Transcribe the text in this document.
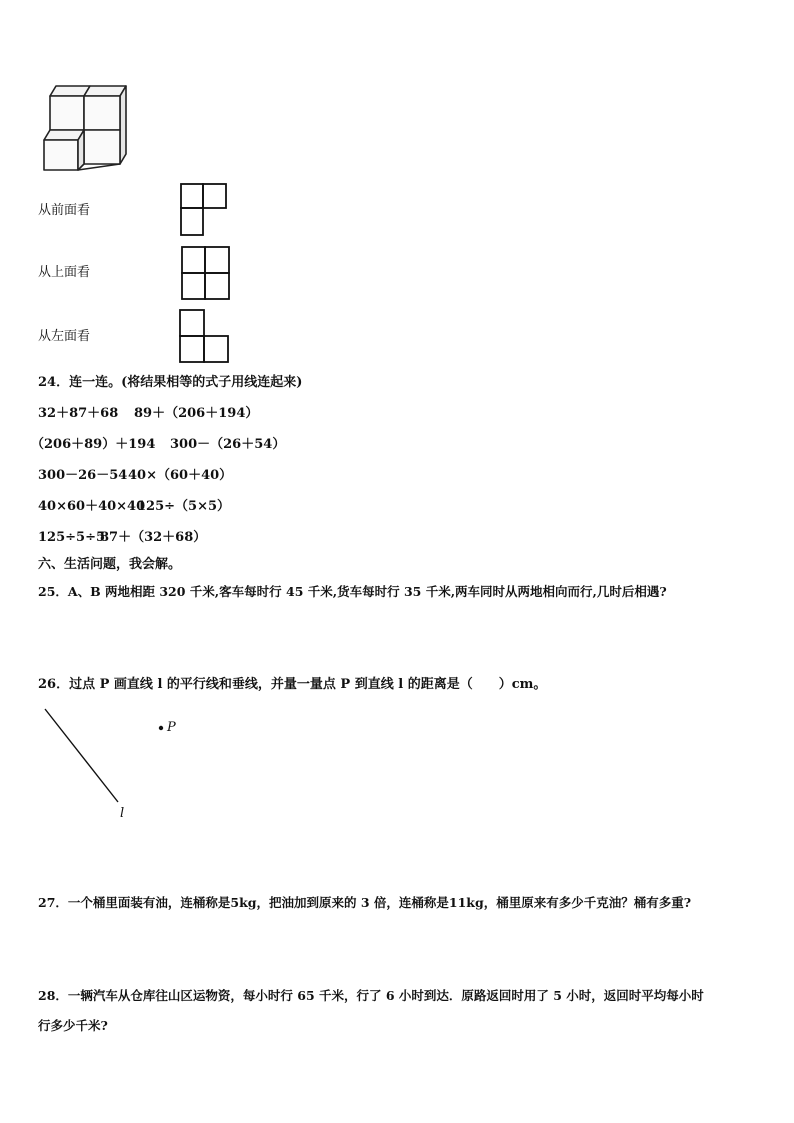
从前面看
从上面看
从左面看
24．连一连。(将结果相等的式子用线连起来)
32＋87＋68 89＋（206＋194）
（206＋89）＋194 300－（26＋54）
300－26－54 40×（60＋40）
40×60＋40×40
125÷（5×5）
125÷5÷5
87＋（32＋68）
六、生活问题，我会解。
25．A、B 两地相距 320 千米,客车每时行 45 千米,货车每时行 35 千米,两车同时从两地相向而行,几时后相遇?
26．过点 P 画直线 l 的平行线和垂线，并量一量点 P 到直线 l 的距离是（　　）cm。
P
l
27．一个桶里面装有油，连桶称是5kg，把油加到原来的 3 倍，连桶称是11kg，桶里原来有多少千克油？桶有多重?
28．一辆汽车从仓库往山区运物资，每小时行 65 千米，行了 6 小时到达．原路返回时用了 5 小时，返回时平均每小时
行多少千米?
